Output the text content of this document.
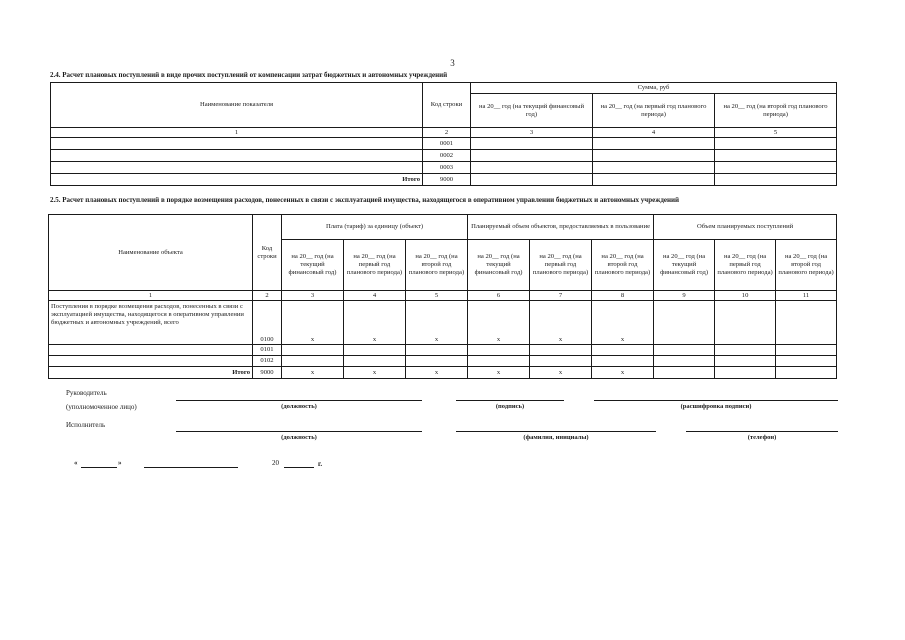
3
2.4. Расчет плановых поступлений в виде прочих поступлений от компенсации затрат бюджетных и автономных учреждений
Наименование показателя	Код строки	Сумма, руб		
		на 20__ год (на текущий финансовый год)	на 20__ год (на первый год планового периода)	на 20__ год (на второй год планового периода)
1	2	3	4	5
	0001			
	0002			
	0003			
Итого	9000			
2.5. Расчет плановых поступлений в порядке возмещения расходов, понесенных в связи с эксплуатацией имущества, находящегося в оперативном управлении бюджетных и автономных учреждений
Наименование объекта	Код строки	Плата (тариф) за единицу (объект)			Планируемый объем объектов, предоставляемых в пользование			Объем планируемых поступлений		
		на 20__ год (на текущий финансовый год)	на 20__ год (на первый год планового периода)	на 20__ год (на второй год планового периода)	на 20__ год (на текущий финансовый год)	на 20__ год (на первый год планового периода)	на 20__ год (на второй год планового периода)	на 20__ год (на текущий финансовый год)	на 20__ год (на первый год планового периода)	на 20__ год (на второй год планового периода)
1	2	3	4	5	6	7	8	9	10	11
Поступления в порядке возмещения расходов, понесенных в связи с эксплуатацией имущества, находящегося в оперативном управлении бюджетных и автономных учреждений, всего	0100	x	x	x	x	x	x			
	0101									
	0102									
Итого	9000	x	x	x	x	x	x			
Руководитель
(уполномоченное лицо)	(должность)	(подпись)	(расшифровка подписи)
Исполнитель
(должность)	(фамилия, инициалы)	(телефон)
«	»	20	г.
